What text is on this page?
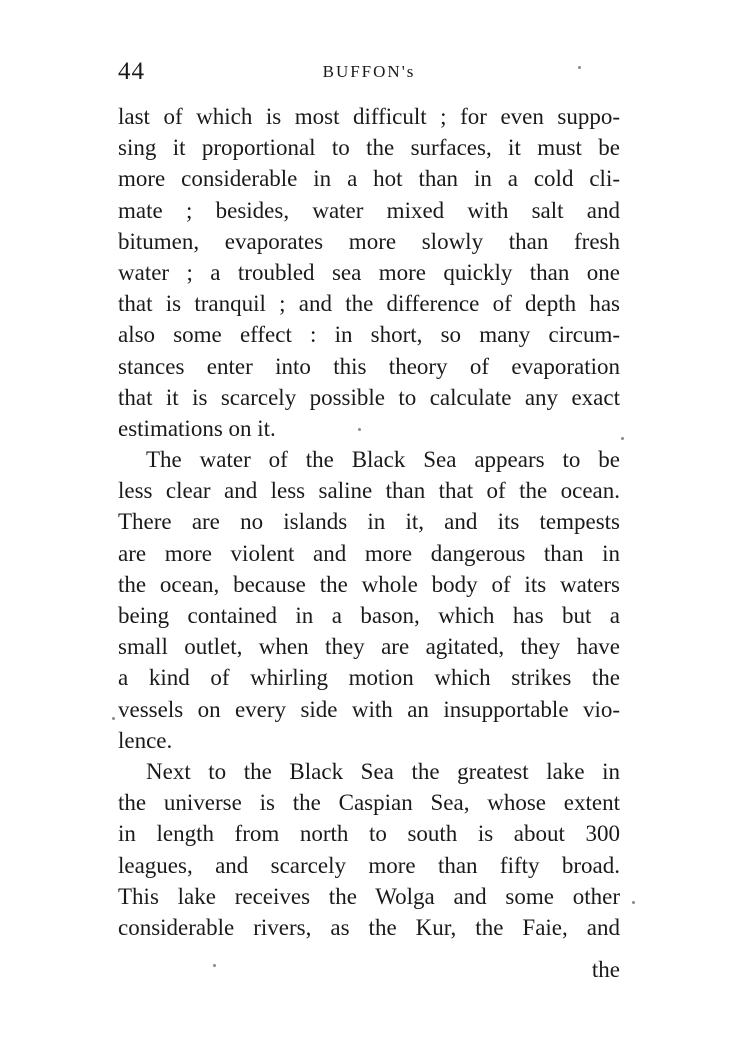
44	BUFFON's
last of which is most difficult ; for even suppo-
sing it proportional to the surfaces, it must be
more considerable in a hot than in a cold cli-
mate ; besides, water mixed with salt and
bitumen, evaporates more slowly than fresh
water ; a troubled sea more quickly than one
that is tranquil ; and the difference of depth has
also some effect : in short, so many circum-
stances enter into this theory of evaporation
that it is scarcely possible to calculate any exact
estimations on it.
The water of the Black Sea appears to be
less clear and less saline than that of the ocean.
There are no islands in it, and its tempests
are more violent and more dangerous than in
the ocean, because the whole body of its waters
being contained in a bason, which has but a
small outlet, when they are agitated, they have
a kind of whirling motion which strikes the
vessels on every side with an insupportable vio-
lence.
Next to the Black Sea the greatest lake in
the universe is the Caspian Sea, whose extent
in length from north to south is about 300
leagues, and scarcely more than fifty broad.
This lake receives the Wolga and some other
considerable rivers, as the Kur, the Faie, and
the
